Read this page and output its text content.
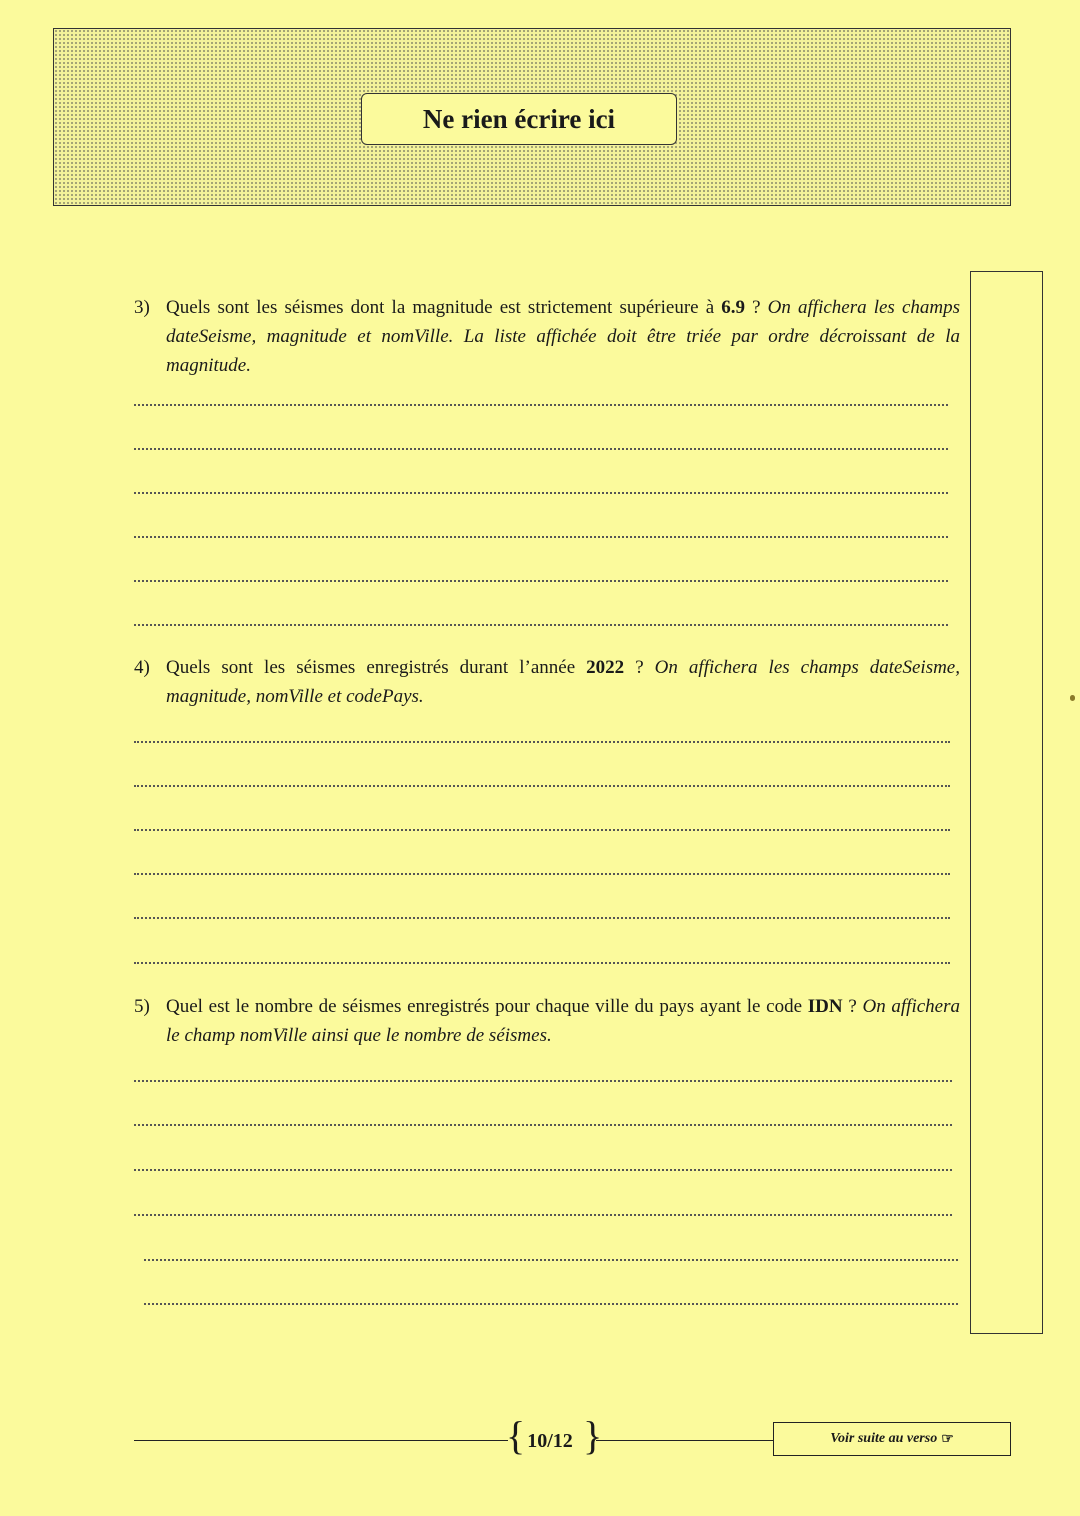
Ne rien écrire ici
3) Quels sont les séismes dont la magnitude est strictement supérieure à 6.9 ? On affichera les champs dateSeisme, magnitude et nomVille. La liste affichée doit être triée par ordre décroissant de la magnitude.
4) Quels sont les séismes enregistrés durant l’année 2022 ? On affichera les champs dateSeisme, magnitude, nomVille et codePays.
5) Quel est le nombre de séismes enregistrés pour chaque ville du pays ayant le code IDN ? On affichera le champ nomVille ainsi que le nombre de séismes.
{ 10/12 }	Voir suite au verso ☞
